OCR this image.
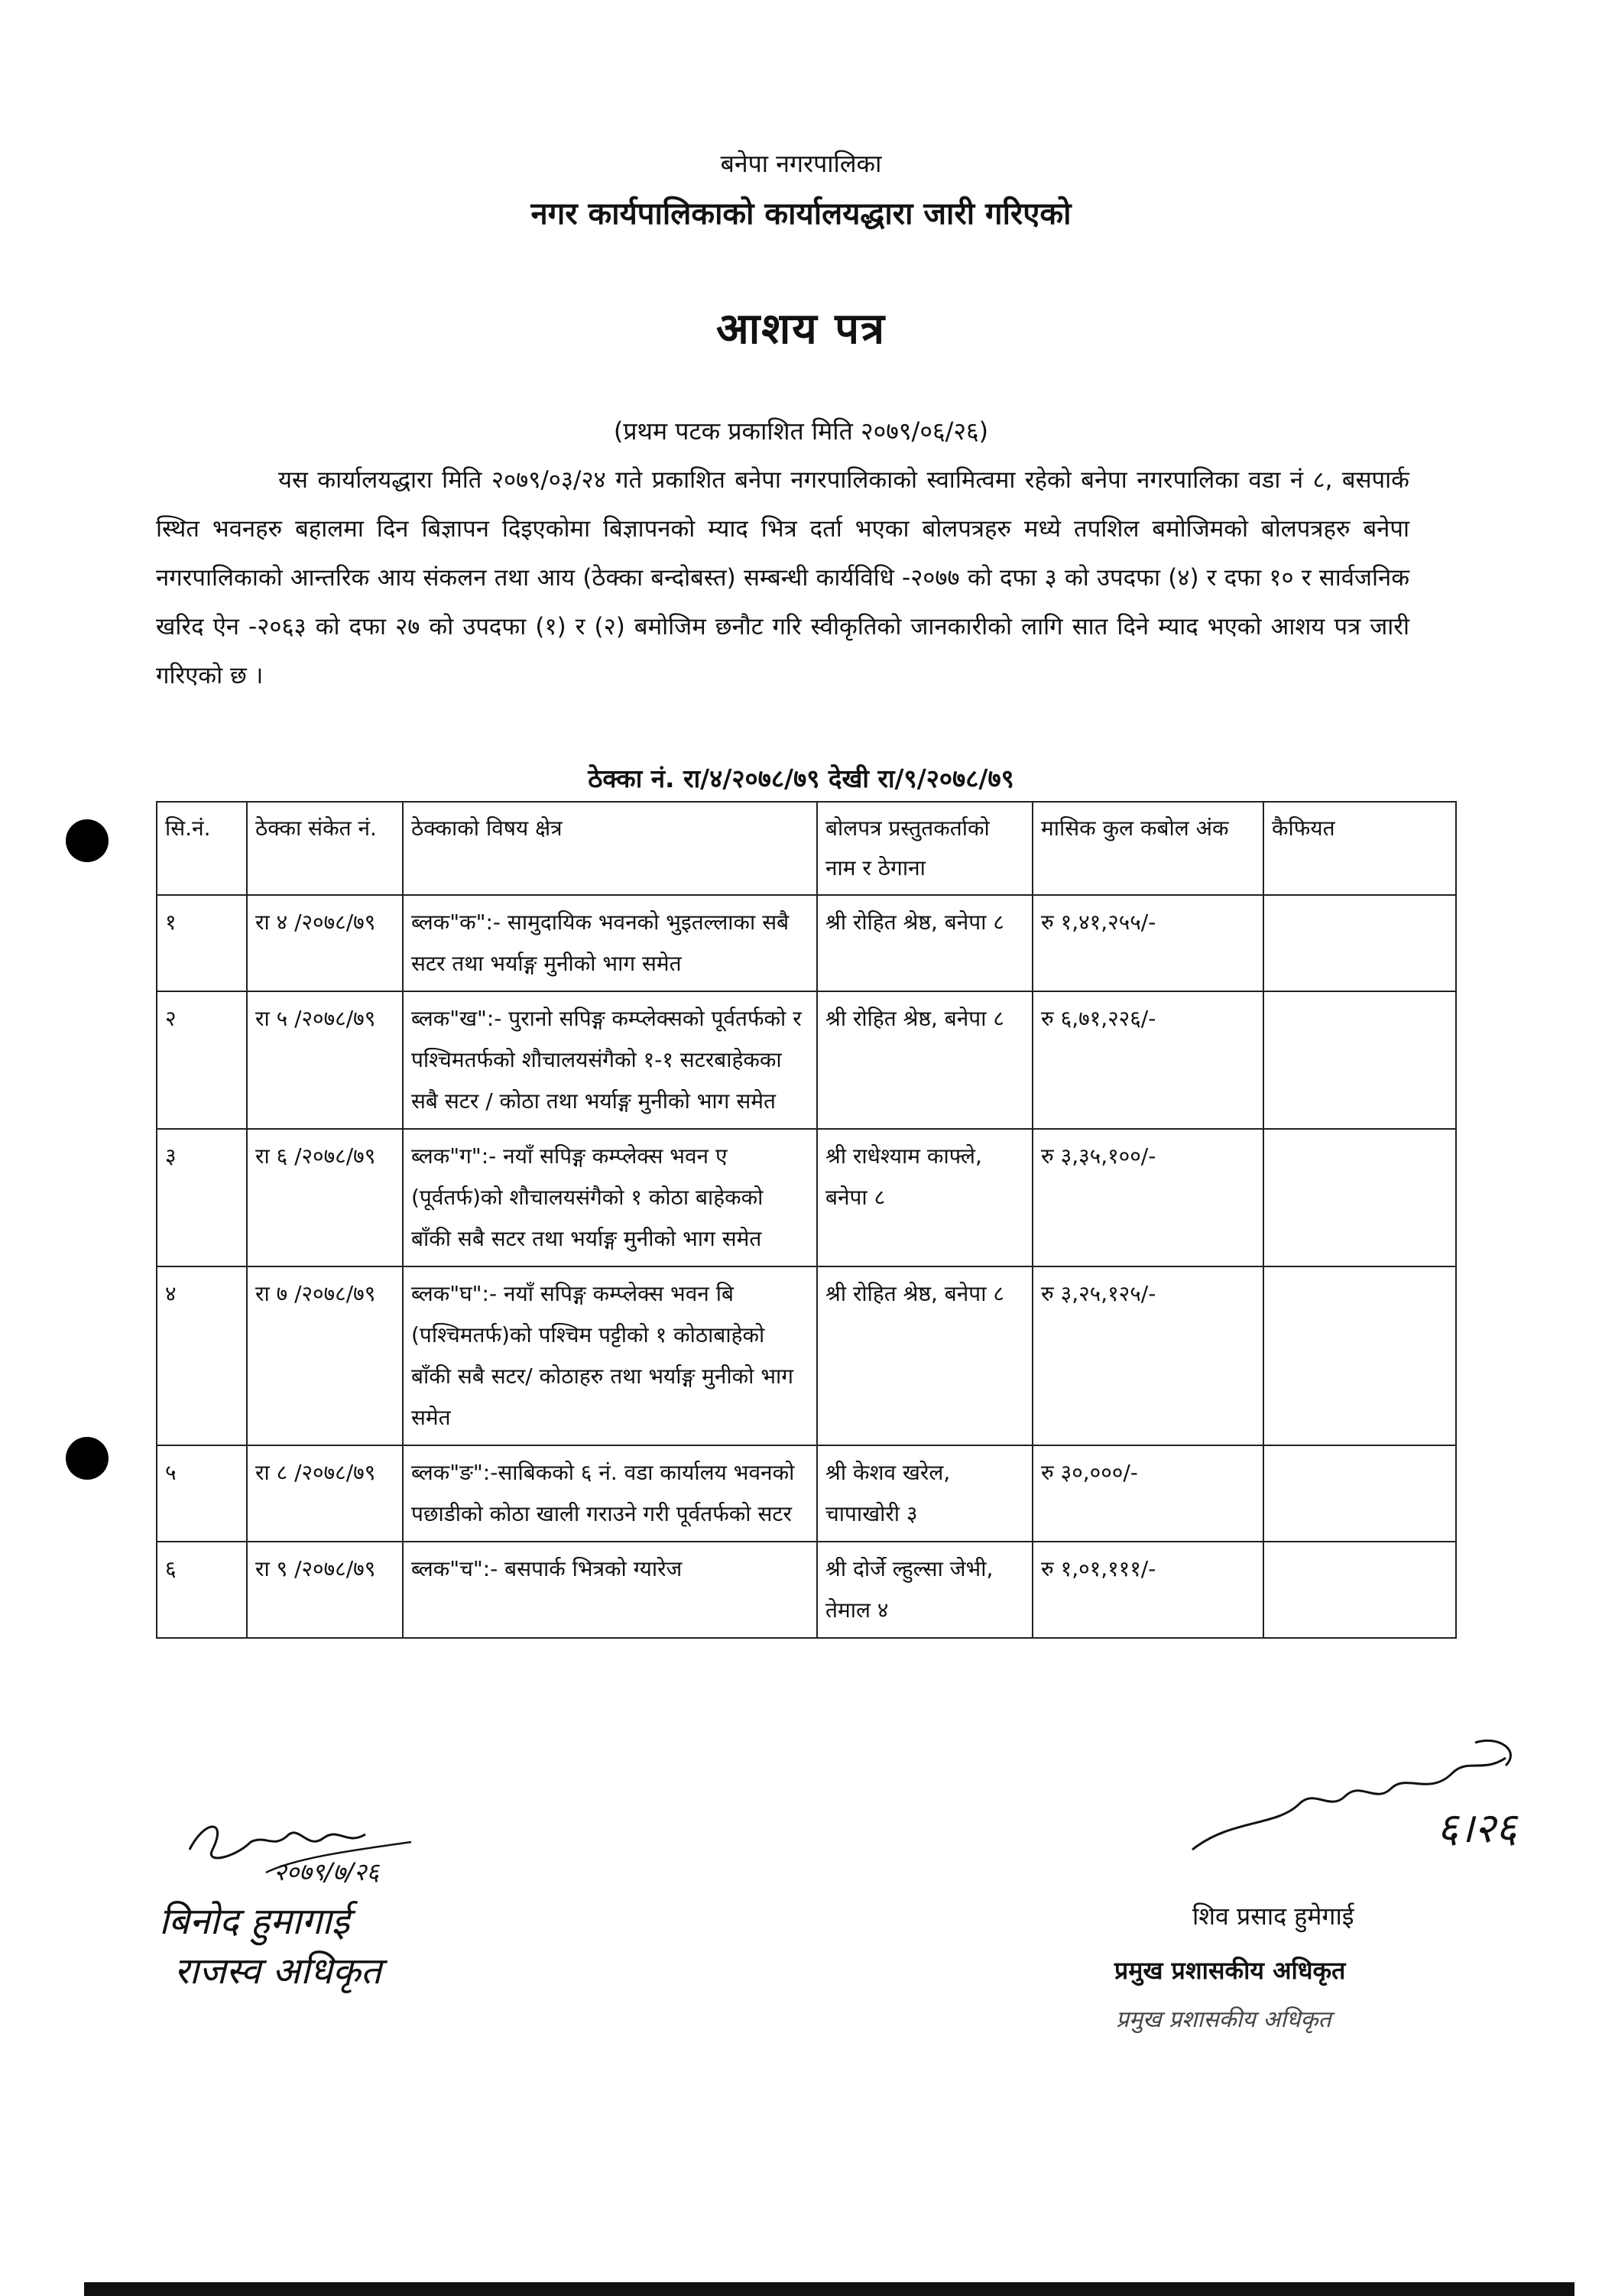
बनेपा नगरपालिका
नगर कार्यपालिकाको कार्यालयद्धारा जारी गरिएको
आशय पत्र
(प्रथम पटक प्रकाशित मिति २०७९/०६/२६)
यस कार्यालयद्धारा मिति २०७९/०३/२४ गते प्रकाशित बनेपा नगरपालिकाको स्वामित्वमा रहेको बनेपा नगरपालिका वडा नं ८, बसपार्क स्थित भवनहरु बहालमा दिन बिज्ञापन दिइएकोमा बिज्ञापनको म्याद भित्र दर्ता भएका बोलपत्रहरु मध्ये तपशिल बमोजिमको बोलपत्रहरु बनेपा नगरपालिकाको आन्तरिक आय संकलन तथा आय (ठेक्का बन्दोबस्त) सम्बन्धी कार्यविधि -२०७७ को दफा ३ को उपदफा (४) र दफा १० र सार्वजनिक खरिद ऐन -२०६३ को दफा २७ को उपदफा (१) र (२) बमोजिम छनौट गरि स्वीकृतिको जानकारीको लागि सात दिने म्याद भएको आशय पत्र जारी गरिएको छ ।
ठेक्का नं. रा/४/२०७८/७९ देखी रा/९/२०७८/७९
सि.नं.	ठेक्का संकेत नं.	ठेक्काको विषय क्षेत्र	बोलपत्र प्रस्तुतकर्ताको नाम र ठेगाना	मासिक कुल कबोल अंक	कैफियत
१	रा ४ /२०७८/७९	ब्लक"क":- सामुदायिक भवनको भुइतल्लाका सबै सटर तथा भर्याङ्ग मुनीको भाग समेत	श्री रोहित श्रेष्ठ, बनेपा ८	रु १,४१,२५५/-	
२	रा ५ /२०७८/७९	ब्लक"ख":- पुरानो सपिङ्ग कम्प्लेक्सको पूर्वतर्फको र पश्चिमतर्फको शौचालयसंगैको १-१ सटरबाहेकका सबै सटर / कोठा तथा भर्याङ्ग मुनीको भाग समेत	श्री रोहित श्रेष्ठ, बनेपा ८	रु ६,७१,२२६/-	
३	रा ६ /२०७८/७९	ब्लक"ग":- नयाँ सपिङ्ग कम्प्लेक्स भवन ए (पूर्वतर्फ)को शौचालयसंगैको १ कोठा बाहेकको बाँकी सबै सटर तथा भर्याङ्ग मुनीको भाग समेत	श्री राधेश्याम काफ्ले, बनेपा ८	रु ३,३५,१००/-	
४	रा ७ /२०७८/७९	ब्लक"घ":- नयाँ सपिङ्ग कम्प्लेक्स भवन बि (पश्चिमतर्फ)को पश्चिम पट्टीको १ कोठाबाहेको बाँकी सबै सटर/ कोठाहरु तथा भर्याङ्ग मुनीको भाग समेत	श्री रोहित श्रेष्ठ, बनेपा ८	रु ३,२५,१२५/-	
५	रा ८ /२०७८/७९	ब्लक"ङ":-साबिकको ६ नं. वडा कार्यालय भवनको पछाडीको कोठा खाली गराउने गरी पूर्वतर्फको सटर	श्री केशव खरेल, चापाखोरी ३	रु ३०,०००/-	
६	रा ९ /२०७८/७९	ब्लक"च":- बसपार्क भित्रको ग्यारेज	श्री दोर्जे ल्हुल्सा जेभी, तेमाल ४	रु १,०१,१११/-	
२०७९/७/२६
बिनोद हुमागाई
राजस्व अधिकृत
६।२६
शिव प्रसाद हुमेगाई
प्रमुख प्रशासकीय अधिकृत
प्रमुख प्रशासकीय अधिकृत
